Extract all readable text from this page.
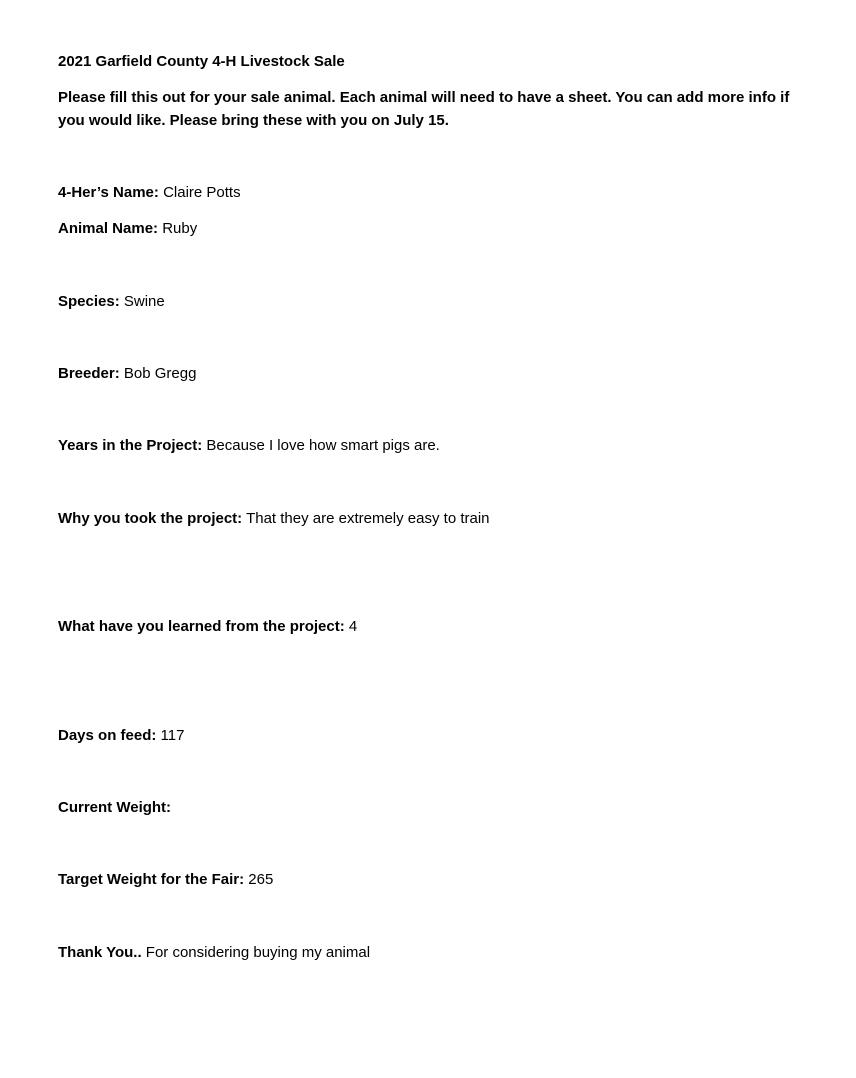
2021 Garfield County 4-H Livestock Sale
Please fill this out for your sale animal. Each animal will need to have a sheet. You can add more info if you would like. Please bring these with you on July 15.
4-Her’s Name: Claire Potts
Animal Name: Ruby
Species: Swine
Breeder: Bob Gregg
Years in the Project: Because I love how smart pigs are.
Why you took the project: That they are extremely easy to train
What have you learned from the project: 4
Days on feed: 117
Current Weight:
Target Weight for the Fair: 265
Thank You.. For considering buying my animal
